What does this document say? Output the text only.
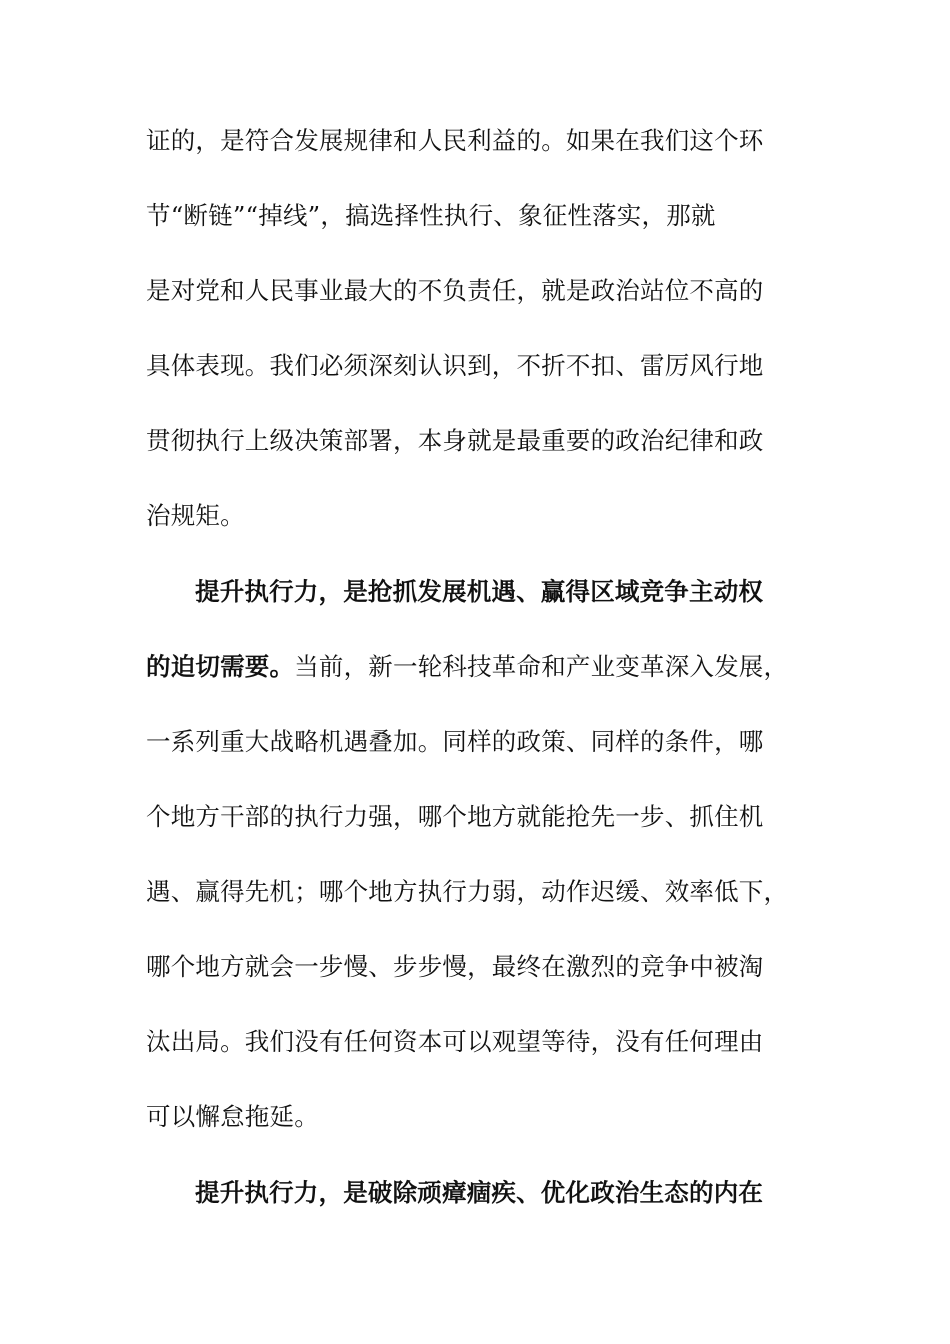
证的，是符合发展规律和人民利益的。如果在我们这个环
节“断链”“掉线”，搞选择性执行、象征性落实，那就
是对党和人民事业最大的不负责任，就是政治站位不高的
具体表现。我们必须深刻认识到，不折不扣、雷厉风行地
贯彻执行上级决策部署，本身就是最重要的政治纪律和政
治规矩。
提升执行力，是抢抓发展机遇、赢得区域竞争主动权
的迫切需要。当前，新一轮科技革命和产业变革深入发展，
一系列重大战略机遇叠加。同样的政策、同样的条件，哪
个地方干部的执行力强，哪个地方就能抢先一步、抓住机
遇、赢得先机；哪个地方执行力弱，动作迟缓、效率低下，
哪个地方就会一步慢、步步慢，最终在激烈的竞争中被淘
汰出局。我们没有任何资本可以观望等待，没有任何理由
可以懈怠拖延。
提升执行力，是破除顽瘴痼疾、优化政治生态的内在
